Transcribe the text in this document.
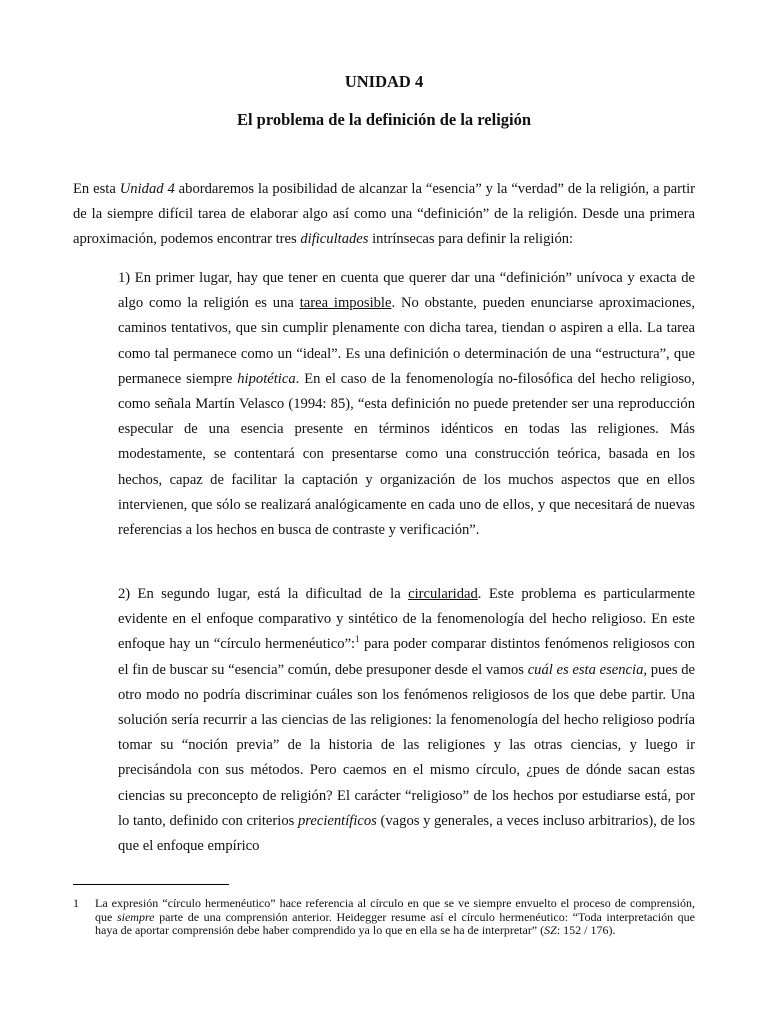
UNIDAD 4
El problema de la definición de la religión

En esta Unidad 4 abordaremos la posibilidad de alcanzar la “esencia” y la “verdad” de la religión, a partir de la siempre difícil tarea de elaborar algo así como una “definición” de la religión. Desde una primera aproximación, podemos encontrar tres dificultades intrínsecas para definir la religión:

1) En primer lugar, hay que tener en cuenta que querer dar una “definición” unívoca y exacta de algo como la religión es una tarea imposible. No obstante, pueden enunciarse aproximaciones, caminos tentativos, que sin cumplir plenamente con dicha tarea, tiendan o aspiren a ella. La tarea como tal permanece como un “ideal”. Es una definición o determinación de una “estructura”, que permanece siempre hipotética. En el caso de la fenomenología no-filosófica del hecho religioso, como señala Martín Velasco (1994: 85), “esta definición no puede pretender ser una reproducción especular de una esencia presente en términos idénticos en todas las religiones. Más modestamente, se contentará con presentarse como una construcción teórica, basada en los hechos, capaz de facilitar la captación y organización de los muchos aspectos que en ellos intervienen, que sólo se realizará analógicamente en cada uno de ellos, y que necesitará de nuevas referencias a los hechos en busca de contraste y verificación”.

2) En segundo lugar, está la dificultad de la circularidad. Este problema es particularmente evidente en el enfoque comparativo y sintético de la fenomenología del hecho religioso. En este enfoque hay un “círculo hermenéutico”:$^1$ para poder comparar distintos fenómenos religiosos con el fin de buscar su “esencia” común, debe presuponer desde el vamos cuál es esta esencia, pues de otro modo no podría discriminar cuáles son los fenómenos religiosos de los que debe partir. Una solución sería recurrir a las ciencias de las religiones: la fenomenología del hecho religioso podría tomar su “noción previa” de la historia de las religiones y las otras ciencias, y luego ir precisándola con sus métodos. Pero caemos en el mismo círculo, ¿pues de dónde sacan estas ciencias su preconcepto de religión? El carácter “religioso” de los hechos por estudiarse está, por lo tanto, definido con criterios precientíficos (vagos y generales, a veces incluso arbitrarios), de los que el enfoque empírico

1 La expresión “círculo hermenéutico” hace referencia al círculo en que se ve siempre envuelto el proceso de comprensión, que siempre parte de una comprensión anterior. Heidegger resume así el círculo hermenéutico: “Toda interpretación que haya de aportar comprensión debe haber comprendido ya lo que en ella se ha de interpretar” (SZ: 152 / 176).
